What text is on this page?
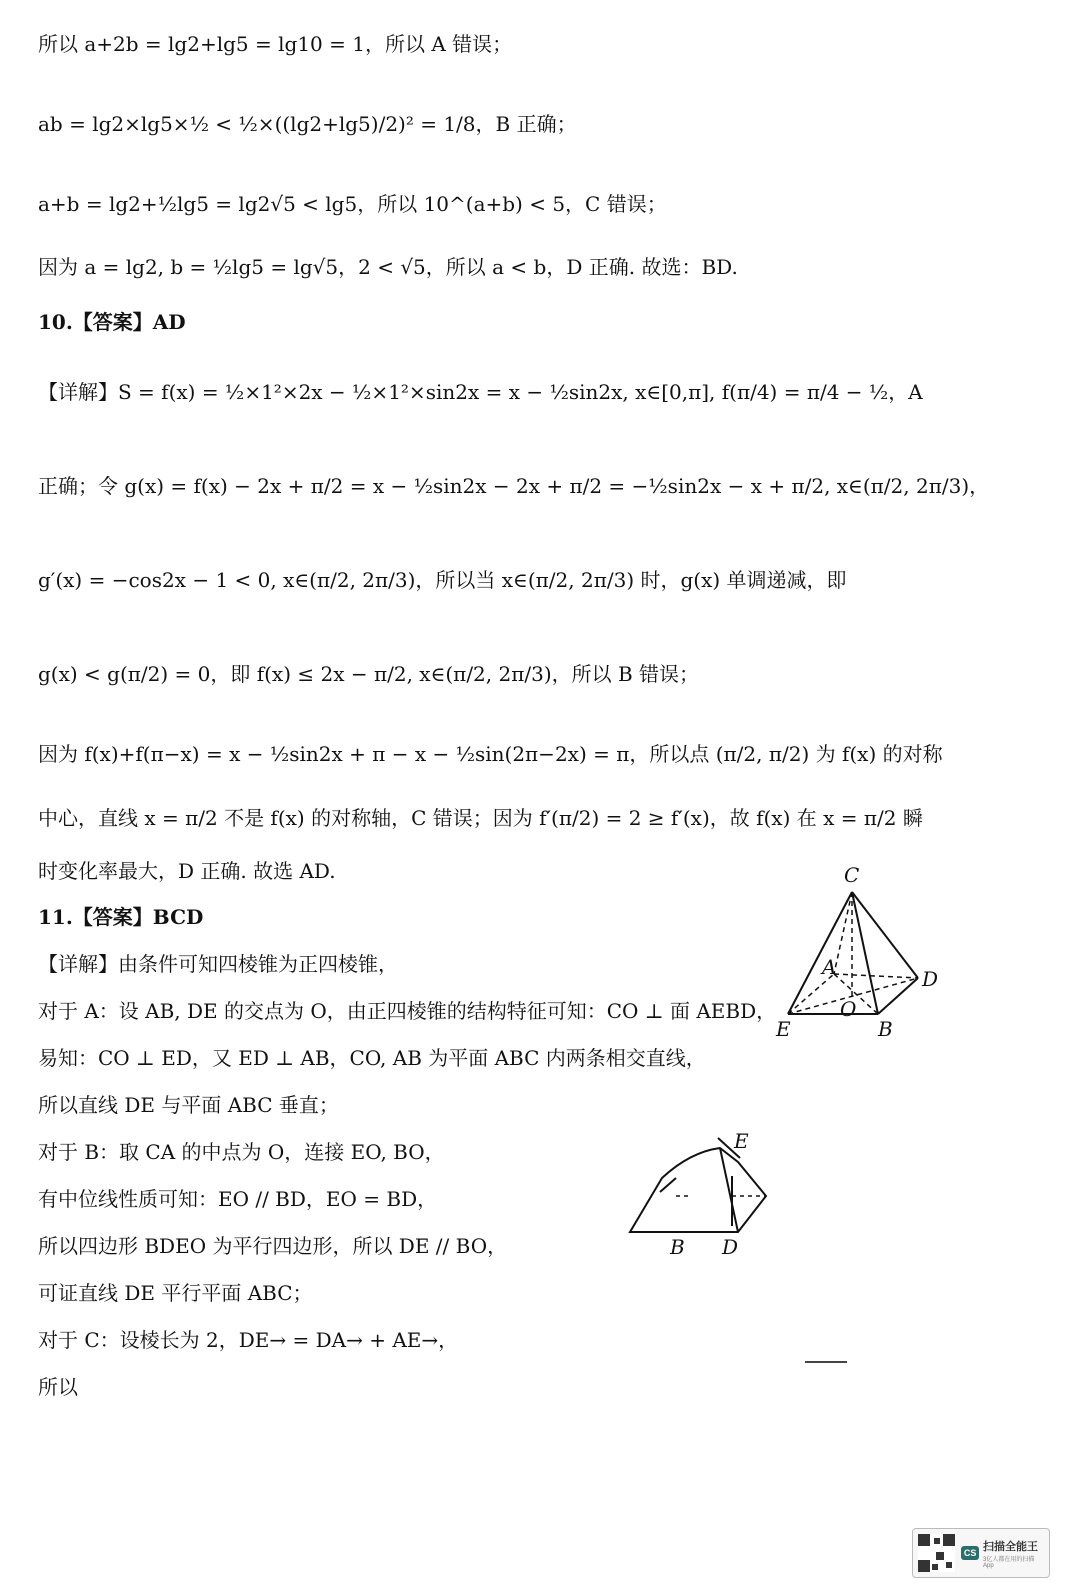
所以 a+2b = lg2+lg5 = lg10 = 1，所以 A 错误；
ab = lg2×lg5×½ < ½×((lg2+lg5)/2)² = 1/8，B 正确；
a+b = lg2+½lg5 = lg2√5 < lg5，所以 10^(a+b) < 5，C 错误；
因为 a = lg2, b = ½lg5 = lg√5，2 < √5，所以 a < b，D 正确. 故选：BD.
10.【答案】AD
【详解】S = f(x) = ½×1²×2x − ½×1²×sin2x = x − ½sin2x, x∈[0,π], f(π/4) = π/4 − ½，A
正确；令 g(x) = f(x) − 2x + π/2 = x − ½sin2x − 2x + π/2 = −½sin2x − x + π/2, x∈(π/2, 2π/3)，
g′(x) = −cos2x − 1 < 0, x∈(π/2, 2π/3)，所以当 x∈(π/2, 2π/3) 时，g(x) 单调递减，即
g(x) < g(π/2) = 0，即 f(x) ≤ 2x − π/2, x∈(π/2, 2π/3)，所以 B 错误；
因为 f(x)+f(π−x) = x − ½sin2x + π − x − ½sin(2π−2x) = π，所以点 (π/2, π/2) 为 f(x) 的对称
中心，直线 x = π/2 不是 f(x) 的对称轴，C 错误；因为 f′(π/2) = 2 ≥ f′(x)，故 f(x) 在 x = π/2 瞬
时变化率最大，D 正确. 故选 AD.
11.【答案】BCD
【详解】由条件可知四棱锥为正四棱锥，
对于 A：设 AB, DE 的交点为 O，由正四棱锥的结构特征可知：CO ⊥ 面 AEBD，
易知：CO ⊥ ED，又 ED ⊥ AB，CO, AB 为平面 ABC 内两条相交直线，
所以直线 DE 与平面 ABC 垂直；
对于 B：取 CA 的中点为 O，连接 EO, BO，
有中位线性质可知：EO // BD，EO = BD，
所以四边形 BDEO 为平行四边形，所以 DE // BO，
可证直线 DE 平行平面 ABC；
对于 C：设棱长为 2，DE→ = DA→ + AE→，
所以
C
A	D
O
E	B
E
B D
CS
扫描全能王
3亿人都在用的扫描App
